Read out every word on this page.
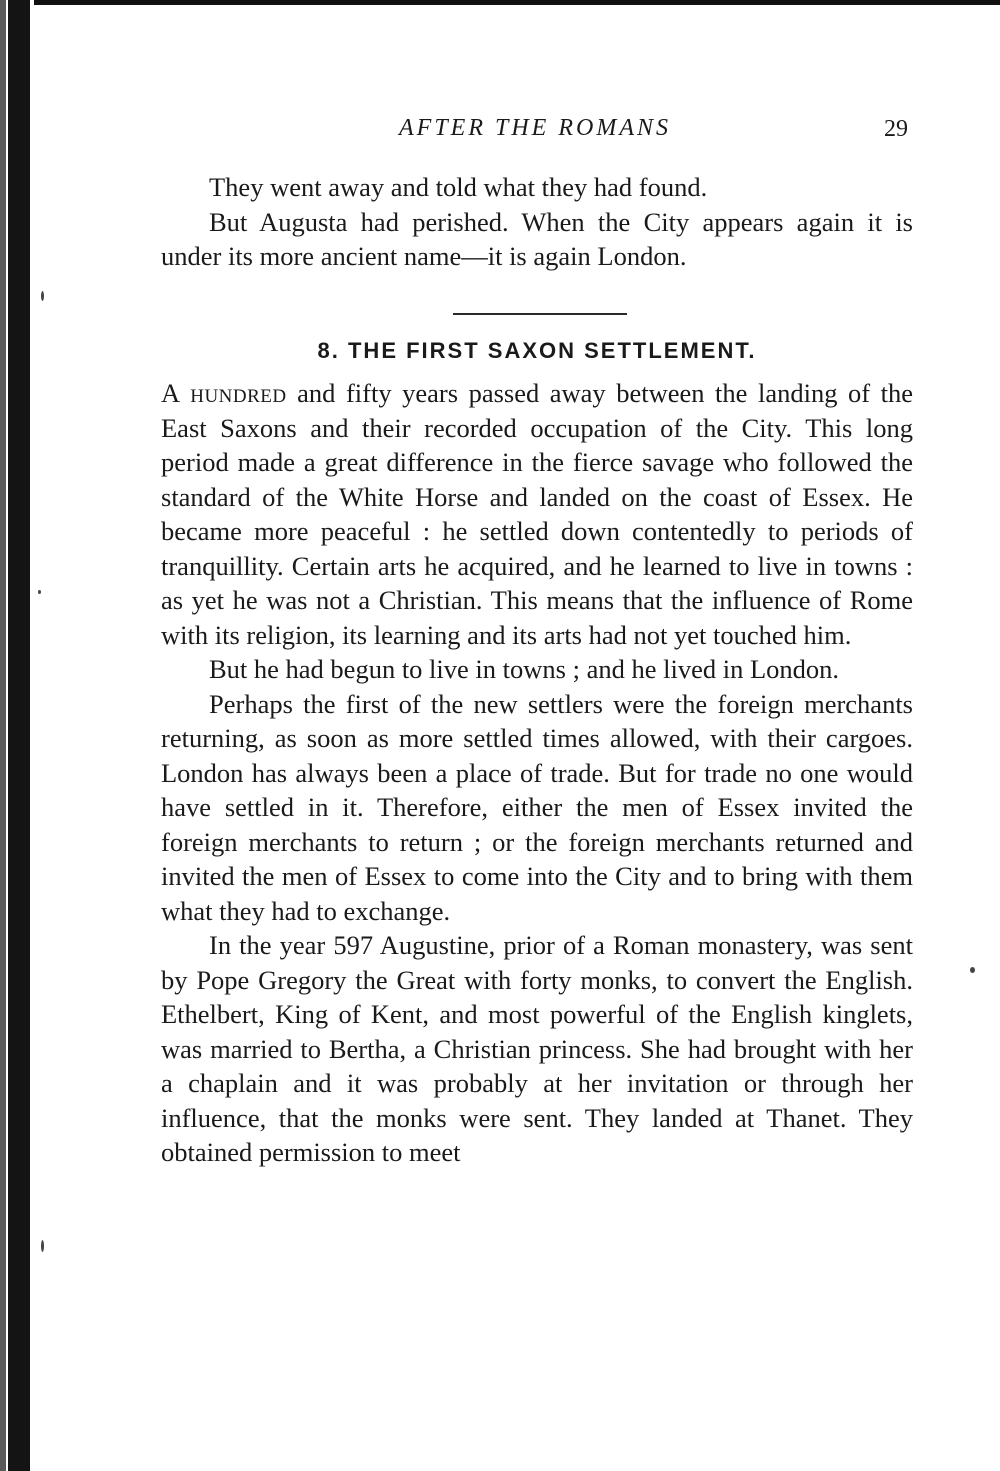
AFTER THE ROMANS	29

They went away and told what they had found.

But Augusta had perished. When the City appears again it is under its more ancient name—it is again London.

8. THE FIRST SAXON SETTLEMENT.

A hundred and fifty years passed away between the landing of the East Saxons and their recorded occupation of the City. This long period made a great difference in the fierce savage who followed the standard of the White Horse and landed on the coast of Essex. He became more peaceful : he settled down contentedly to periods of tranquillity. Certain arts he acquired, and he learned to live in towns : as yet he was not a Christian. This means that the influence of Rome with its religion, its learning and its arts had not yet touched him.

But he had begun to live in towns ; and he lived in London.

Perhaps the first of the new settlers were the foreign merchants returning, as soon as more settled times allowed, with their cargoes. London has always been a place of trade. But for trade no one would have settled in it. Therefore, either the men of Essex invited the foreign merchants to return ; or the foreign merchants returned and invited the men of Essex to come into the City and to bring with them what they had to exchange.

In the year 597 Augustine, prior of a Roman monastery, was sent by Pope Gregory the Great with forty monks, to convert the English. Ethelbert, King of Kent, and most powerful of the English kinglets, was married to Bertha, a Christian princess. She had brought with her a chaplain and it was probably at her invitation or through her influence, that the monks were sent. They landed at Thanet. They obtained permission to meet
